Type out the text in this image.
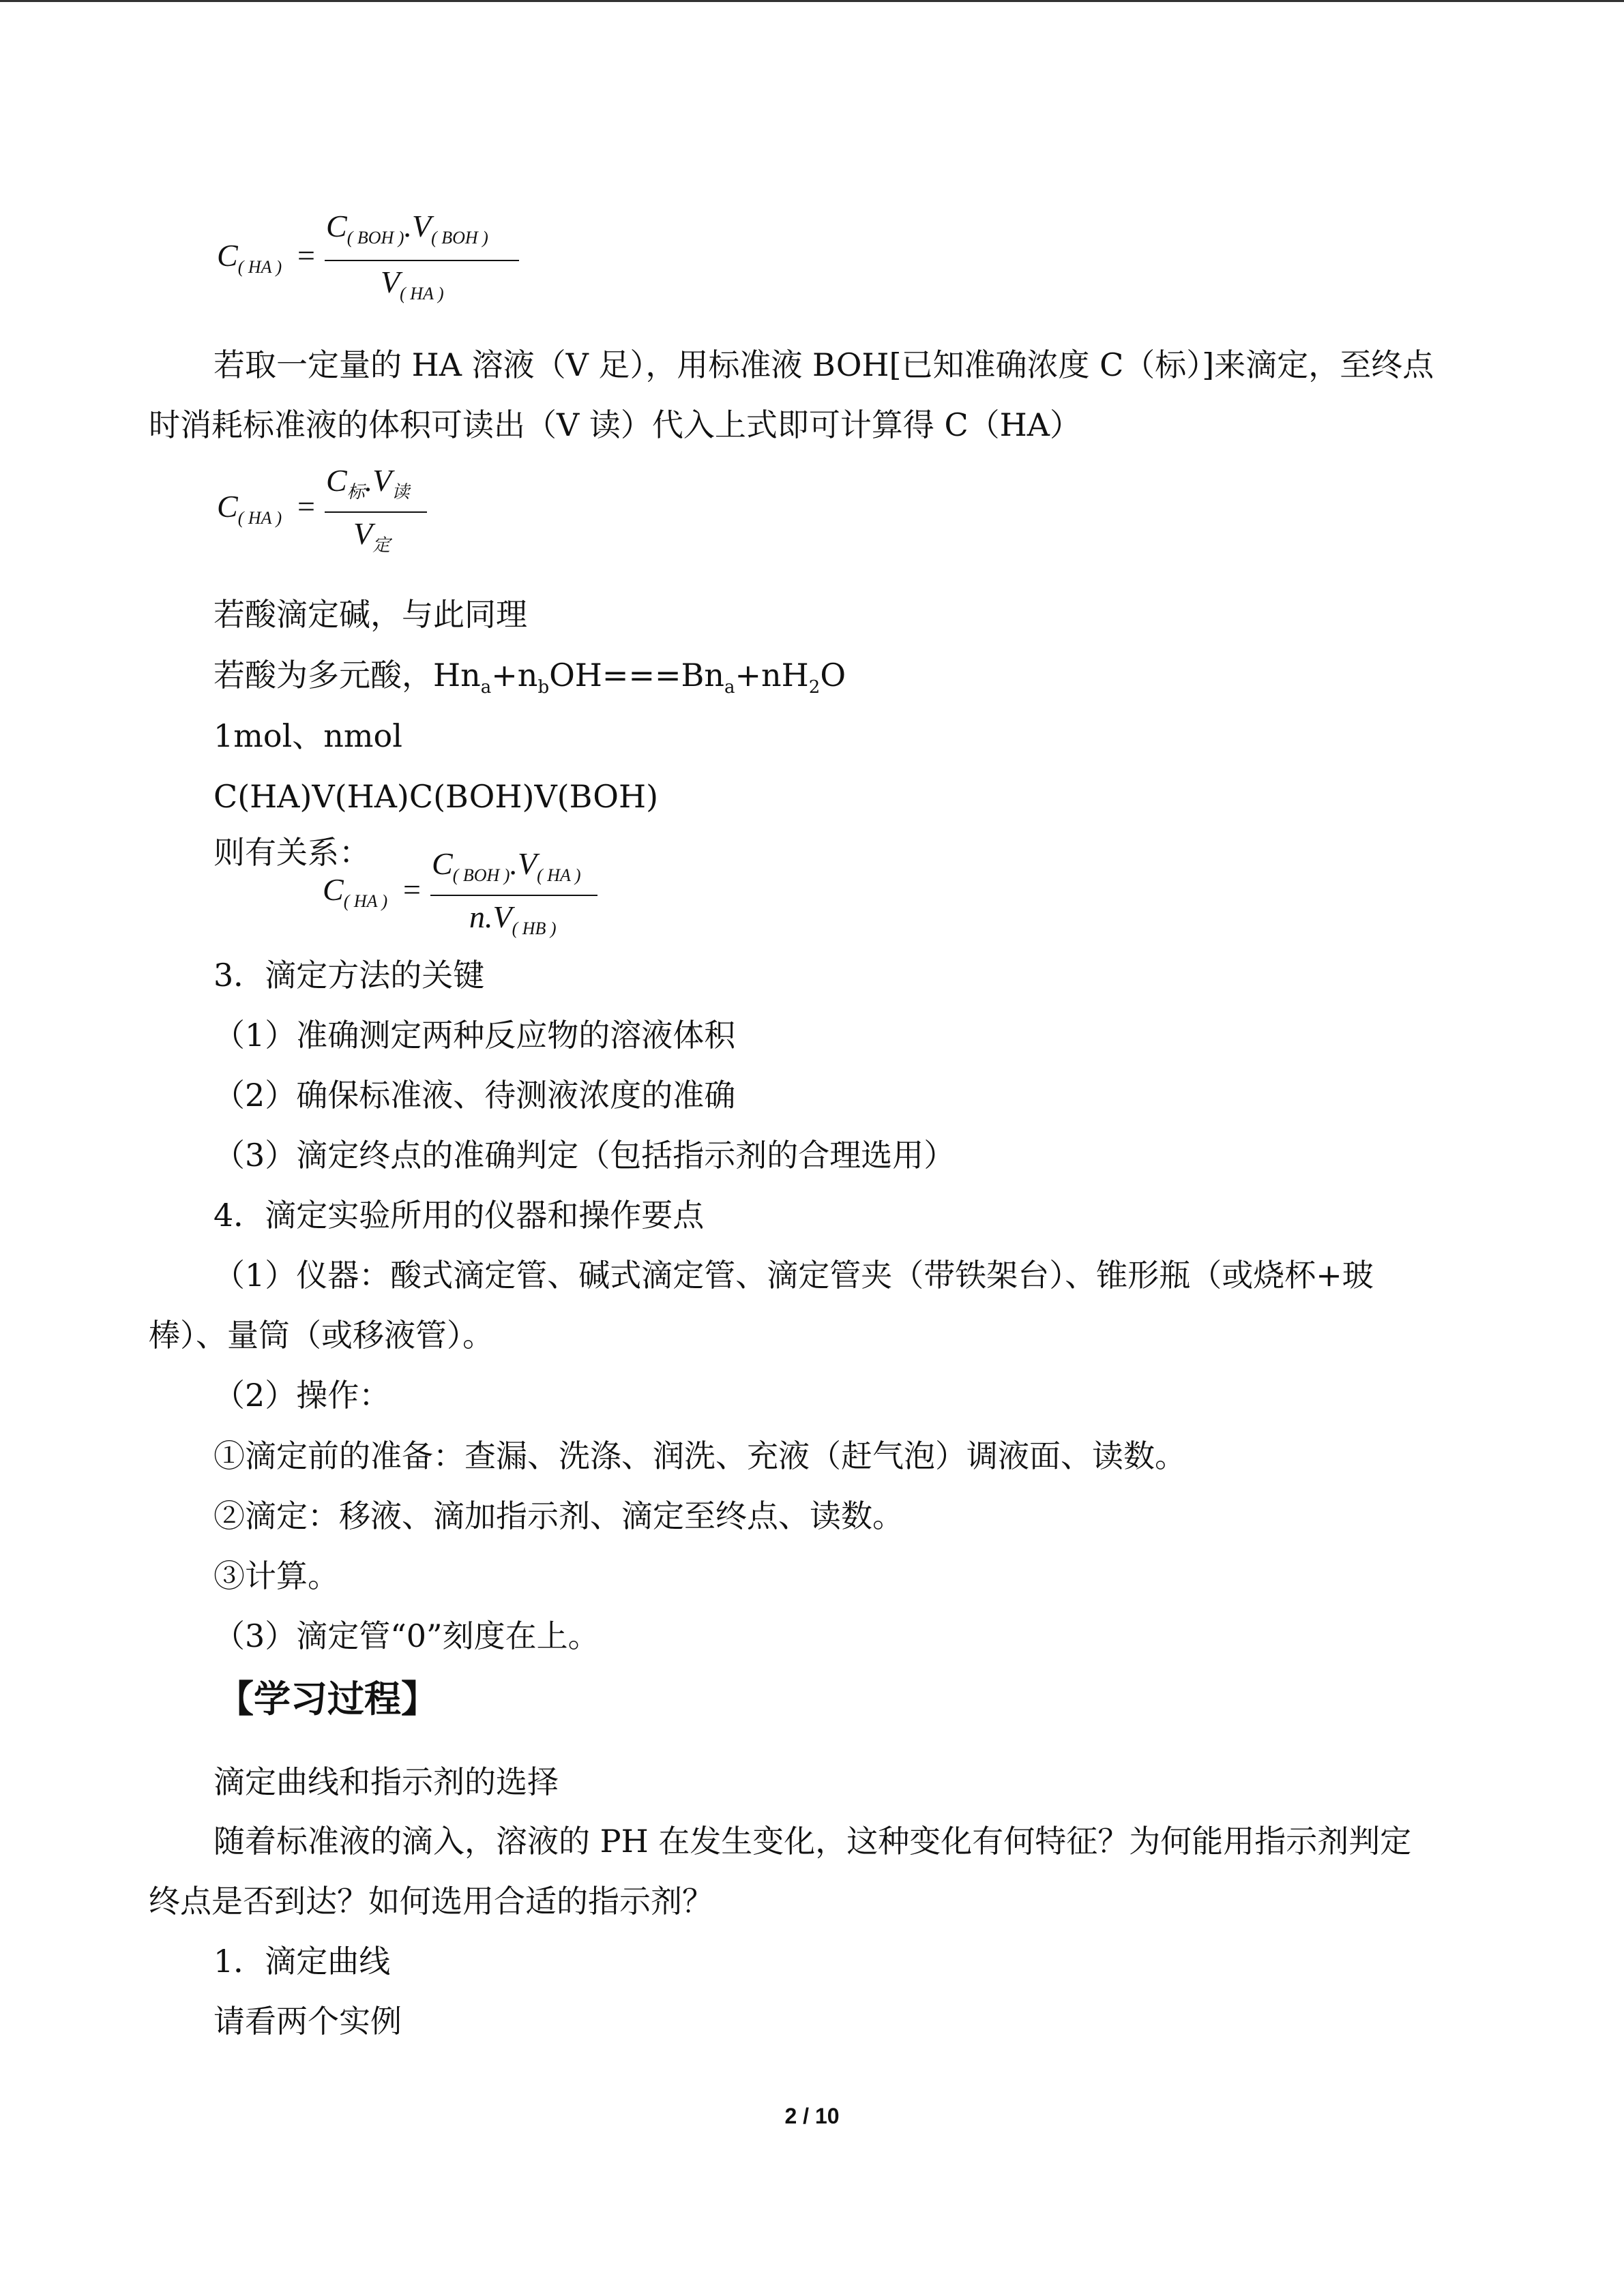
$C_{( HA )}$ =
$C_{( BOH )}.V_{( BOH )}$
$V_{( HA )}$
若取一定量的 HA 溶液（V 足），用标准液 BOH[已知准确浓度 C（标）]来滴定，至终点
时消耗标准液的体积可读出（V 读）代入上式即可计算得 C（HA）
$C_{( HA )}$ =
$C_标.V_读$
$V_定$
若酸滴定碱，与此同理
若酸为多元酸，$Hn_a+n_bOH===Bn_a+nH_2O$
1mol、nmol
C(HA)V(HA)C(BOH)V(BOH)
则有关系：
$C_{( HA )}$ =
$C_{( BOH )}.V_{( HA )}$
$n.V_{( HB )}$
3．滴定方法的关键
（1）准确测定两种反应物的溶液体积
（2）确保标准液、待测液浓度的准确
（3）滴定终点的准确判定（包括指示剂的合理选用）
4．滴定实验所用的仪器和操作要点
（1）仪器：酸式滴定管、碱式滴定管、滴定管夹（带铁架台）、锥形瓶（或烧杯+玻
棒）、量筒（或移液管）。
（2）操作：
①滴定前的准备：查漏、洗涤、润洗、充液（赶气泡）调液面、读数。
②滴定：移液、滴加指示剂、滴定至终点、读数。
③计算。
（3）滴定管“0”刻度在上。
【学习过程】
滴定曲线和指示剂的选择
随着标准液的滴入，溶液的 PH 在发生变化，这种变化有何特征？为何能用指示剂判定
终点是否到达？如何选用合适的指示剂？
1．滴定曲线
请看两个实例
2 / 10
